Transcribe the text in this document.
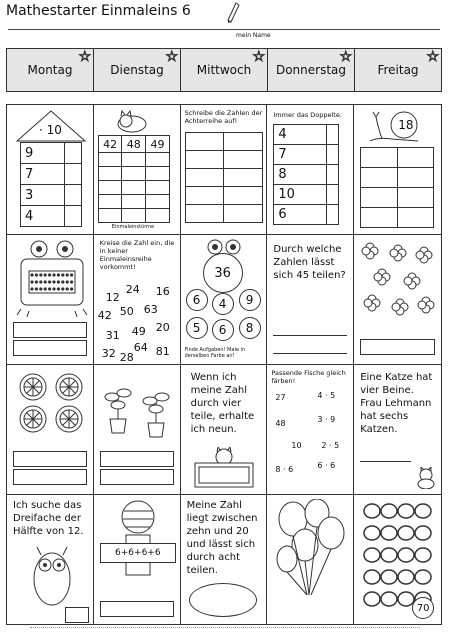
Mathestarter Einmaleins 6
mein Name
Montag
☆
Dienstag
☆
Mittwoch
☆
Donnerstag
☆
Freitag
☆
· 10
9	
7	
3	
4	
42	48	49

Einmaleinstürme
Schreibe die Zahlen der Achterreihe auf!

Immer das Doppelte:
4	
7	
8	
10	
6	
18

Kreise die Zahl ein, die in keiner Einmaleinsreihe vorkommt!
24 16
12
42 50 63
31 49 20
32 28
64 81
36
6	4	9
5	6	8
Finde Aufgaben! Male in derselben Farbe an!
Durch welche Zahlen lässt sich 45 teilen?
Wenn ich meine Zahl durch vier teile, erhalte ich neun.
Passende Fische gleich färben!
27	4 · 5
48	3 · 9
10
8 · 6	6 · 6
2 · 5
Eine Katze hat vier Beine. Frau Lehmann hat sechs Katzen.
Ich suche das Dreifache der Hälfte von 12.
6+6+6+6
Meine Zahl liegt zwischen zehn und 20 und lässt sich durch acht teilen.
70
